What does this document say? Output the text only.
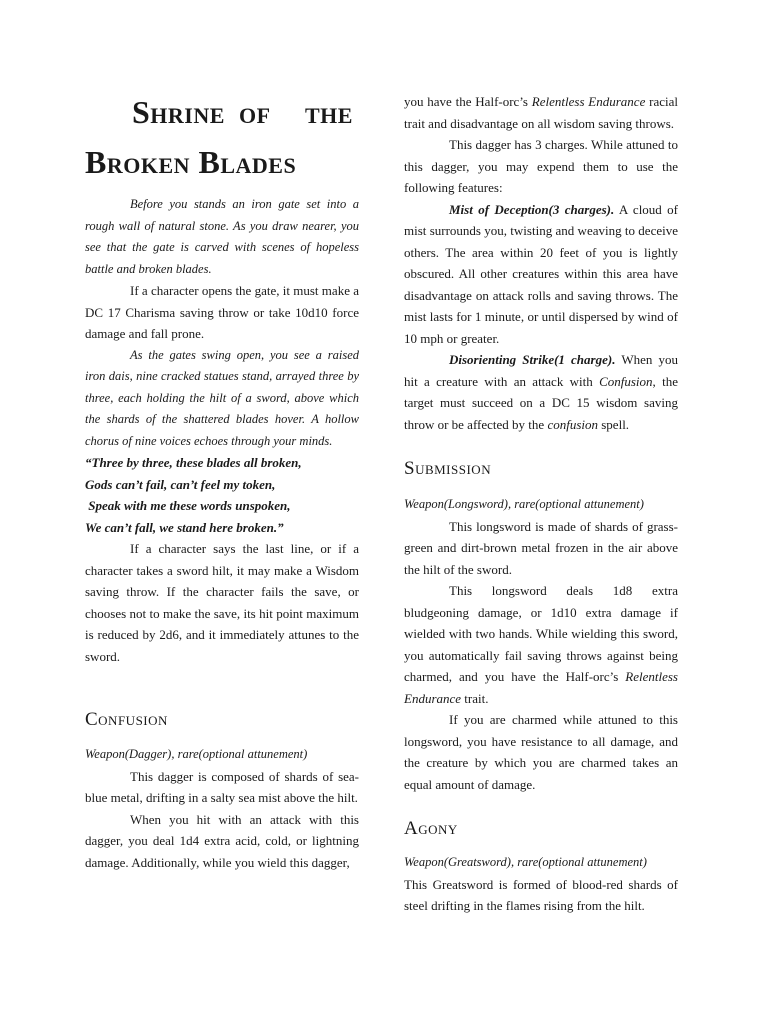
Shrine of the
Broken Blades

Before you stands an iron gate set into a rough wall of natural stone. As you draw nearer, you see that the gate is carved with scenes of hopeless battle and broken blades.

If a character opens the gate, it must make a DC 17 Charisma saving throw or take 10d10 force damage and fall prone.

As the gates swing open, you see a raised iron dais, nine cracked statues stand, arrayed three by three, each holding the hilt of a sword, above which the shards of the shattered blades hover. A hollow chorus of nine voices echoes through your minds.

“Three by three, these blades all broken,
Gods can’t fail, can’t feel my token,
Speak with me these words unspoken,
We can’t fall, we stand here broken.”

If a character says the last line, or if a character takes a sword hilt, it may make a Wisdom saving throw. If the character fails the save, or chooses not to make the save, its hit point maximum is reduced by 2d6, and it immediately attunes to the sword.

Confusion
Weapon(Dagger), rare(optional attunement)

This dagger is composed of shards of sea-blue metal, drifting in a salty sea mist above the hilt.

When you hit with an attack with this dagger, you deal 1d4 extra acid, cold, or lightning damage. Additionally, while you wield this dagger,

you have the Half-orc’s Relentless Endurance racial trait and disadvantage on all wisdom saving throws.

This dagger has 3 charges. While attuned to this dagger, you may expend them to use the following features:

Mist of Deception(3 charges). A cloud of mist surrounds you, twisting and weaving to deceive others. The area within 20 feet of you is lightly obscured. All other creatures within this area have disadvantage on attack rolls and saving throws. The mist lasts for 1 minute, or until dispersed by wind of 10 mph or greater.

Disorienting Strike(1 charge). When you hit a creature with an attack with Confusion, the target must succeed on a DC 15 wisdom saving throw or be affected by the confusion spell.

Submission
Weapon(Longsword), rare(optional attunement)

This longsword is made of shards of grass-green and dirt-brown metal frozen in the air above the hilt of the sword.

This longsword deals 1d8 extra bludgeoning damage, or 1d10 extra damage if wielded with two hands. While wielding this sword, you automatically fail saving throws against being charmed, and you have the Half-orc’s Relentless Endurance trait.

If you are charmed while attuned to this longsword, you have resistance to all damage, and the creature by which you are charmed takes an equal amount of damage.

Agony
Weapon(Greatsword), rare(optional attunement)

This Greatsword is formed of blood-red shards of steel drifting in the flames rising from the hilt.
